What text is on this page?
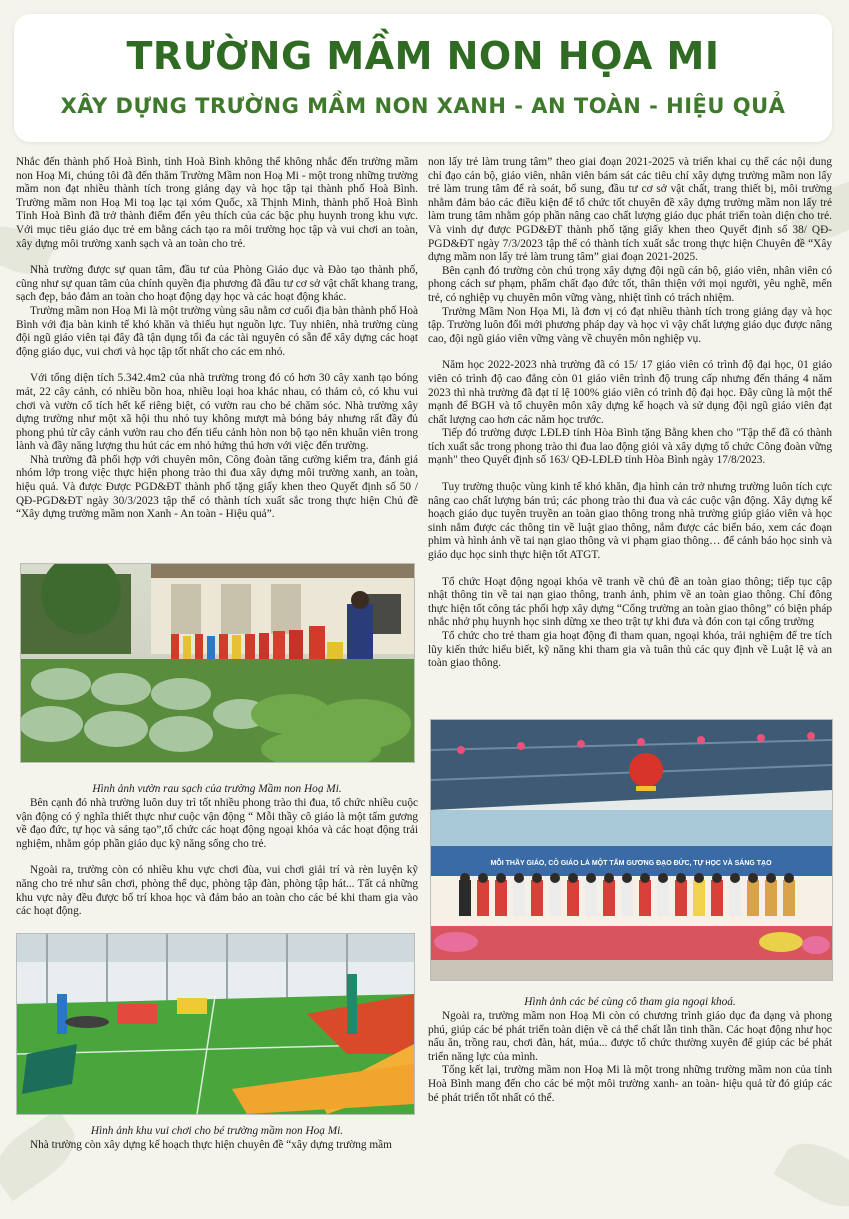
TRƯỜNG MẦM NON HỌA MI
XÂY DỰNG TRƯỜNG MẦM NON XANH - AN TOÀN - HIỆU QUẢ

Nhắc đến thành phố Hoà Bình, tỉnh Hoà Bình không thể không nhắc đến trường mầm non Hoạ Mi, chúng tôi đã đến thăm Trường Mầm non Hoạ Mi - một trong những trường mầm non đạt nhiều thành tích trong giảng dạy và học tập tại thành phố Hoà Bình. Trường mầm non Hoạ Mi toạ lạc tại xóm Quốc, xã Thịnh Minh, thành phố Hoà Bình Tỉnh Hoà Bình đã trở thành điểm đến yêu thích của các bậc phụ huynh trong khu vực. Với mục tiêu giáo dục trẻ em bằng cách tạo ra môi trường học tập và vui chơi an toàn, xây dựng môi trường xanh sạch và an toàn cho trẻ.

Nhà trường được sự quan tâm, đầu tư của Phòng Giáo dục và Đào tạo thành phố, cũng như sự quan tâm của chính quyền địa phương đã đầu tư cơ sở vật chất khang trang, sạch đẹp, bảo đảm an toàn cho hoạt động dạy học và các hoạt động khác.

Trường mầm non Hoạ Mi là một trường vùng sâu nằm cơ cuối địa bàn thành phố Hoà Bình với địa bàn kinh tế khó khăn và thiếu hụt nguồn lực. Tuy nhiên, nhà trường cùng đội ngũ giáo viên tại đây đã tận dụng tối đa các tài nguyên có sẵn để xây dựng các hoạt động giáo dục, vui chơi và học tập tốt nhất cho các em nhỏ.

Với tổng diện tích 5.342.4m2 của nhà trường trong đó có hơn 30 cây xanh tạo bóng mát, 22 cây cảnh, có nhiều bồn hoa, nhiều loại hoa khác nhau, có thảm cỏ, có khu vui chơi và vườn cổ tích hết kế riêng biệt, có vườn rau cho bé chăm sóc. Nhà trường xây dựng trường như một xã hội thu nhỏ tuy không mượt mà bóng bảy nhưng rất đầy đủ phong phú từ cây cảnh vườn rau cho đến tiểu cảnh hòn non bộ tạo nên khuân viên trong lành và đầy năng lượng thu hút các em nhỏ hứng thú hơn với việc đến trường.

Nhà trường đã phối hợp với chuyên môn, Công đoàn tăng cường kiểm tra, đánh giá nhóm lớp trong việc thực hiện phong trào thi đua xây dựng môi trường xanh, an toàn, hiệu quả. Và được Được PGD&ĐT thành phố tặng giấy khen theo Quyết định số 50 / QĐ-PGD&ĐT ngày 30/3/2023 tập thể có thành tích xuất sắc trong thực hiện Chủ đề “Xây dựng trường mầm non Xanh - An toàn - Hiệu quả”.

Hình ảnh vườn rau sạch của trường Mầm non Hoạ Mi.

Bên cạnh đó nhà trường luôn duy trì tốt nhiều phong trào thi đua, tổ chức nhiều cuộc vận động có ý nghĩa thiết thực như cuộc vận động “ Mỗi thầy cô giáo là một tấm gương về đạo đức, tự học và sáng tạo”,tổ chức các hoạt động ngoại khóa và các hoạt động trải nghiệm, nhằm góp phần giáo dục kỹ năng sống cho trẻ.

Ngoài ra, trường còn có nhiều khu vực chơi đùa, vui chơi giải trí và rèn luyện kỹ năng cho trẻ như sân chơi, phòng thể dục, phòng tập đàn, phòng tập hát... Tất cả những khu vực này đều được bố trí khoa học và đảm bảo an toàn cho các bé khi tham gia vào các hoạt động.

Hình ảnh khu vui chơi cho bé trường mầm non Hoạ Mi.

Nhà trường còn xây dựng kế hoạch thực hiện chuyên đề “xây dựng trường mầm

non lấy trẻ làm trung tâm” theo giai đoạn 2021-2025 và triển khai cụ thể các nội dung chỉ đạo cán bộ, giáo viên, nhân viên bám sát các tiêu chí xây dựng trường mầm non lấy trẻ làm trung tâm để rà soát, bổ sung, đầu tư cơ sở vật chất, trang thiết bị, môi trường nhằm đảm bảo các điều kiện để tổ chức tốt chuyên đề xây dựng trường mầm non lấy trẻ làm trung tâm nhằm góp phần nâng cao chất lượng giáo dục phát triển toàn diện cho trẻ. Và vinh dự được PGD&ĐT thành phố tặng giấy khen theo Quyết định số 38/ QĐ-PGD&ĐT ngày 7/3/2023 tập thể có thành tích xuất sắc trong thực hiện Chuyên đề “Xây dựng mầm non lấy trẻ làm trung tâm” giai đoạn 2021-2025.

Bên cạnh đó trường còn chú trọng xây dựng đội ngũ cán bộ, giáo viên, nhân viên có phong cách sư phạm, phẩm chất đạo đức tốt, thân thiện với mọi người, yêu nghề, mến trẻ, có nghiệp vụ chuyên môn vững vàng, nhiệt tình có trách nhiệm.

Trường Mầm Non Họa Mi, là đơn vị có đạt nhiều thành tích trong giảng dạy và học tập. Trường luôn đổi mới phương pháp dạy và học vì vậy chất lượng giáo dục được nâng cao, đội ngũ giáo viên vững vàng về chuyên môn nghiệp vụ.

Năm học 2022-2023 nhà trường đã có 15/ 17 giáo viên có trình độ đại học, 01 giáo viên có trình độ cao đẳng còn 01 giáo viên trình độ trung cấp nhưng đến tháng 4 năm 2023 thì nhà trường đã đạt tỉ lệ 100% giáo viên có trình độ đại học. Đây cũng là một thế mạnh để BGH và tổ chuyên môn xây dựng kế hoạch và sử dụng đội ngũ giáo viên đạt chất lượng cao hơn các năm học trước.

Tiếp đó trường được LĐLĐ tỉnh Hòa Bình tặng Bằng khen cho "Tập thể đã có thành tích xuất sắc trong phong trào thi đua lao động giỏi và xây dựng tổ chức Công đoàn vững mạnh" theo Quyết định số 163/ QĐ-LĐLĐ tỉnh Hòa Bình ngày 17/8/2023.

Tuy trường thuộc vùng kinh tế khó khăn, địa hình cản trở nhưng trường luôn tích cực nâng cao chất lượng bán trú; các phong trào thi đua và các cuộc vận động. Xây dựng kế hoạch giáo dục tuyên truyền an toàn giao thông trong nhà trường giúp giáo viên và học sinh nắm được các thông tin về luật giao thông, nắm được các biển báo, xem các đoạn phim và hình ảnh về tai nạn giao thông và vi phạm giao thông… để cảnh báo học sinh và giáo dục học sinh thực hiện tốt ATGT.

Tổ chức Hoạt động ngoại khóa vẽ tranh về chủ đề an toàn giao thông; tiếp tục cập nhật thông tin về tai nạn giao thông, tranh ảnh, phim về an toàn giao thông. Chỉ đông thực hiện tốt công tác phối hợp xây dựng “Cổng trường an toàn giao thông” có biện pháp nhắc nhở phụ huynh học sinh dừng xe theo trật tự khi đưa và đón con tại cổng trường

Tổ chức cho trẻ tham gia hoạt động đi tham quan, ngoại khóa, trải nghiệm để tre tích lũy kiến thức hiểu biết, kỹ năng khi tham gia và tuân thủ các quy định về Luật lệ và an toàn giao thông.

MỖI THẦY GIÁO, CÔ GIÁO LÀ MỘT TẤM GƯƠNG ĐẠO ĐỨC, TỰ HỌC VÀ SÁNG TẠO
Hình ảnh các bé cùng cô tham gia ngoại khoá.

Ngoài ra, trường mầm non Hoạ Mi còn có chương trình giáo dục đa dạng và phong phú, giúp các bé phát triển toàn diện về cả thể chất lẫn tinh thần. Các hoạt động như học nấu ăn, trồng rau, chơi đàn, hát, múa... được tổ chức thường xuyên để giúp các bé phát triển năng lực của mình.

Tổng kết lại, trường mầm non Hoạ Mi là một trong những trường mầm non của tỉnh Hoà Bình mang đến cho các bé một môi trường xanh- an toàn- hiệu quả từ đó giúp các bé phát triển tốt nhất có thể.
